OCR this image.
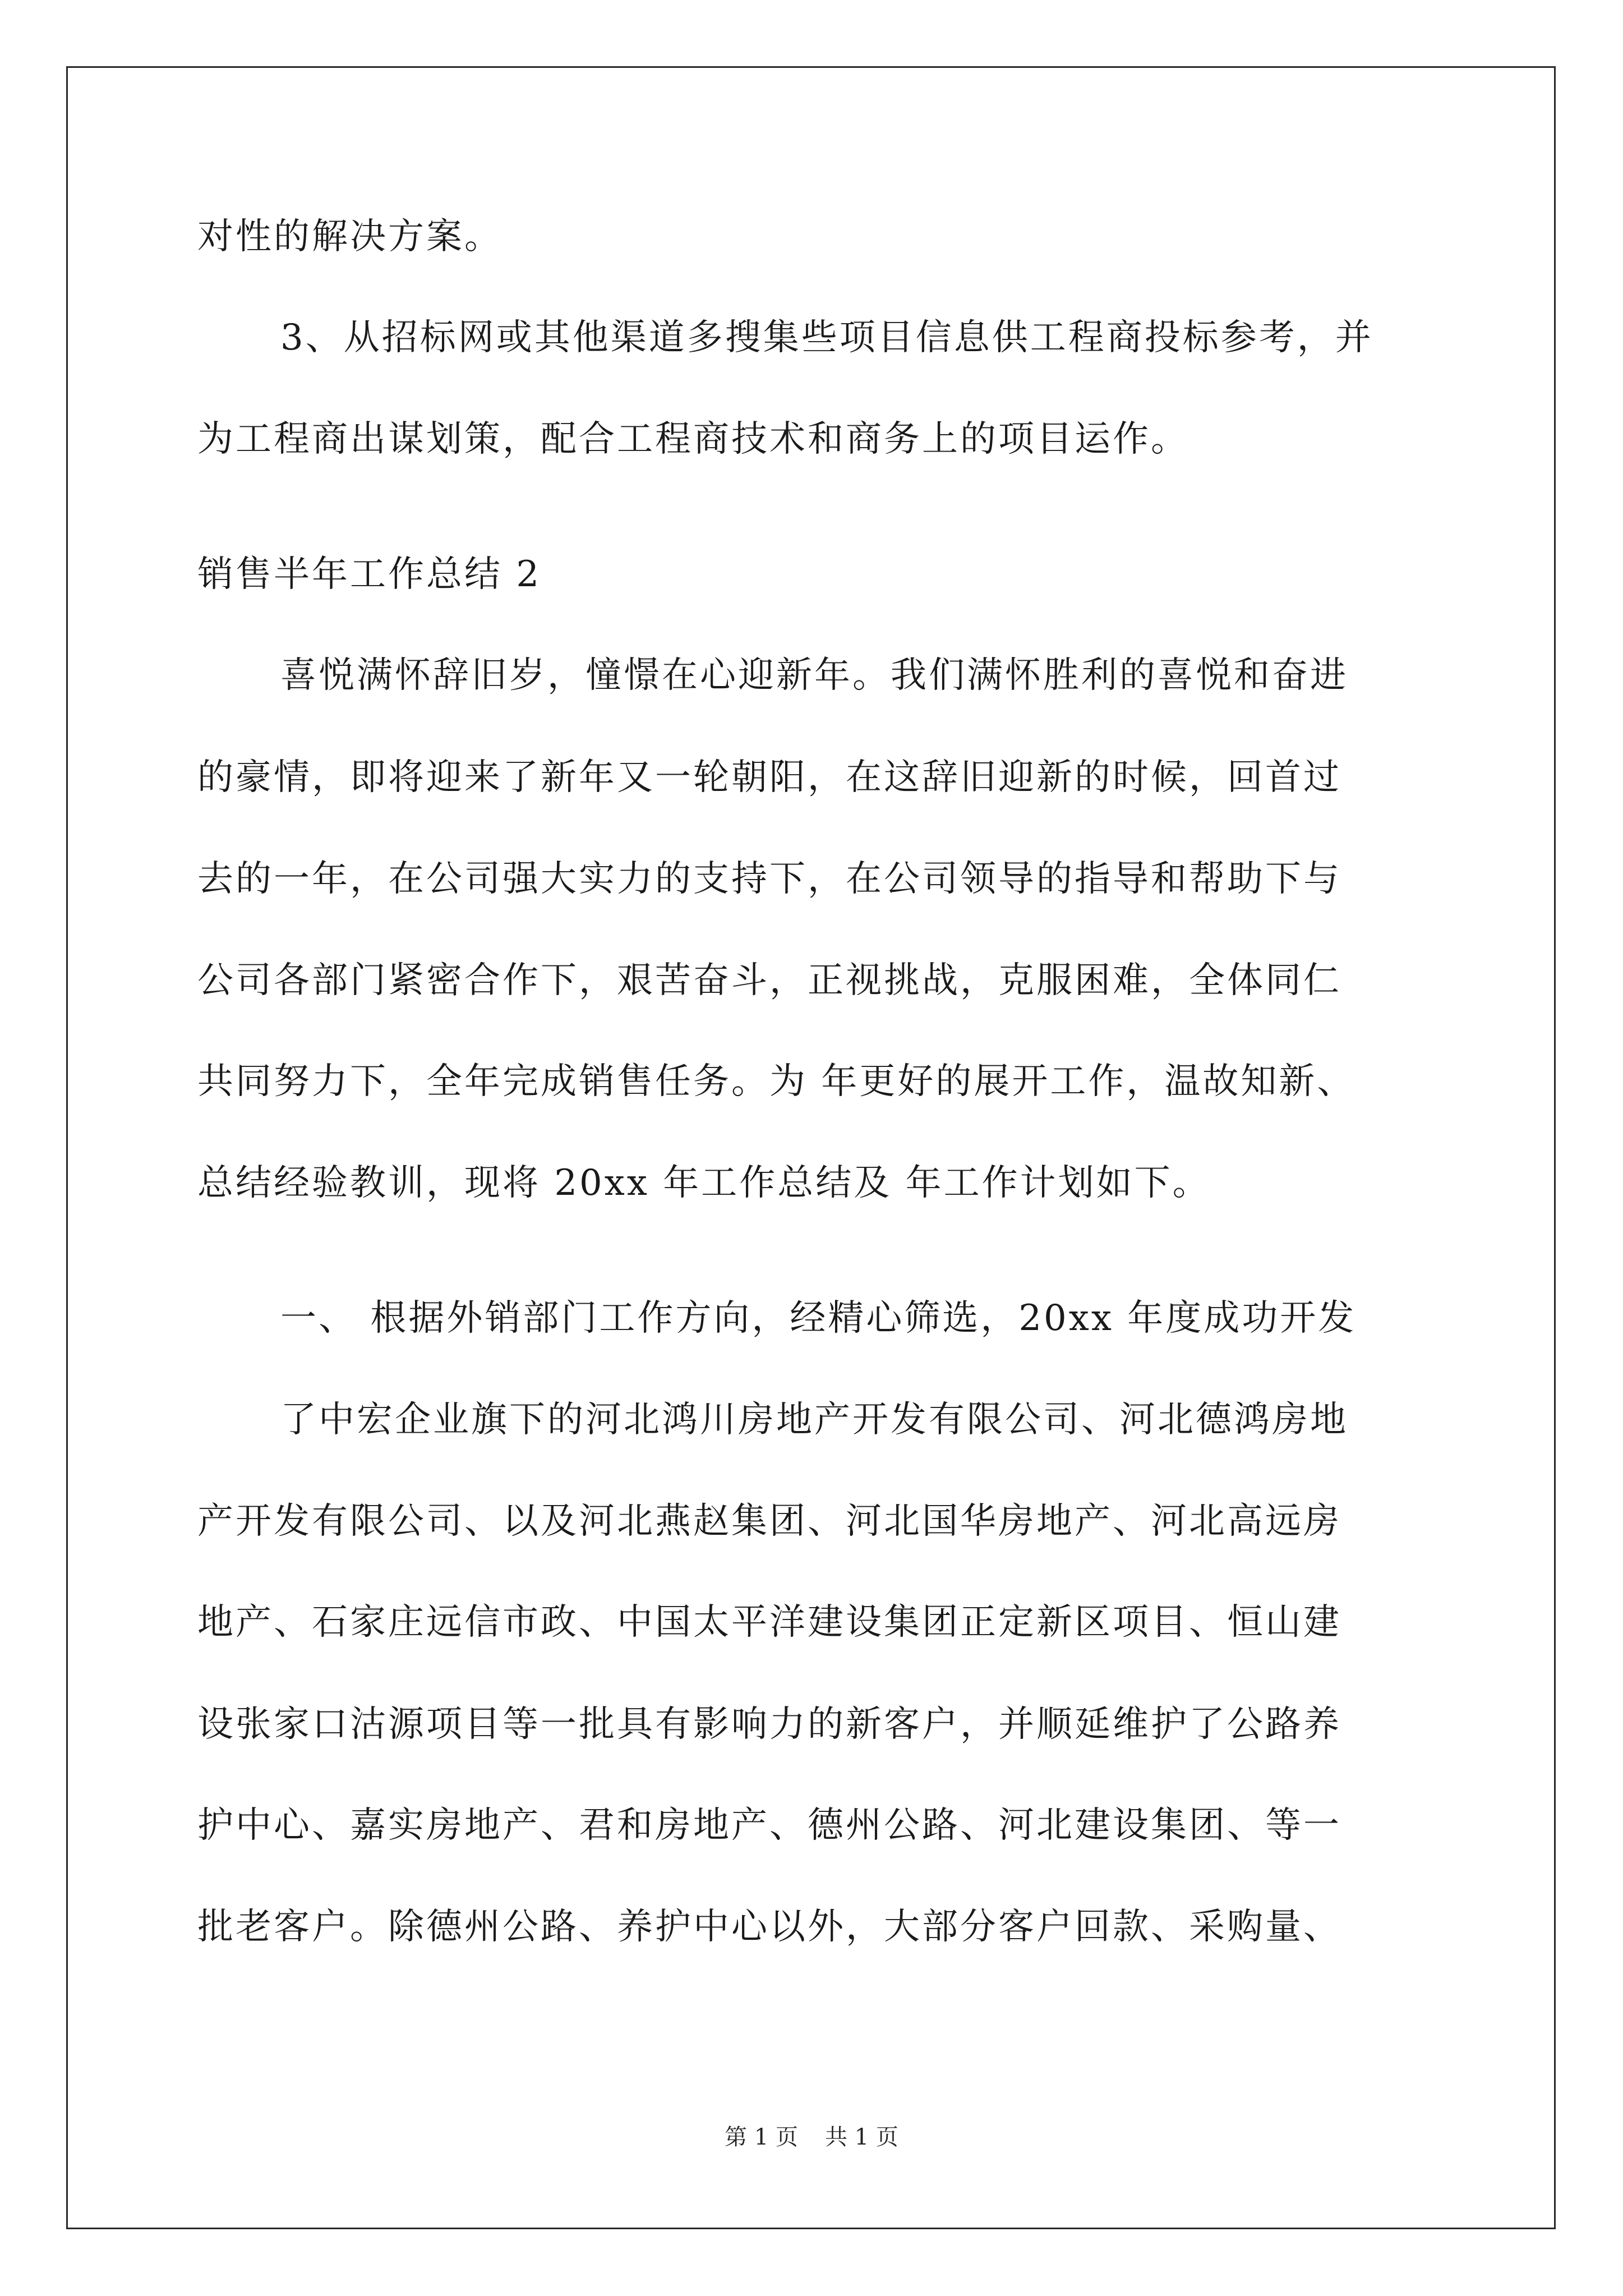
对性的解决方案。
3、从招标网或其他渠道多搜集些项目信息供工程商投标参考，并
为工程商出谋划策，配合工程商技术和商务上的项目运作。
销售半年工作总结 2
喜悦满怀辞旧岁，憧憬在心迎新年。我们满怀胜利的喜悦和奋进
的豪情，即将迎来了新年又一轮朝阳，在这辞旧迎新的时候，回首过
去的一年，在公司强大实力的支持下，在公司领导的指导和帮助下与
公司各部门紧密合作下，艰苦奋斗，正视挑战，克服困难，全体同仁
共同努力下，全年完成销售任务。为 年更好的展开工作，温故知新、
总结经验教训，现将 20xx 年工作总结及 年工作计划如下。
一、 根据外销部门工作方向，经精心筛选，20xx 年度成功开发
了中宏企业旗下的河北鸿川房地产开发有限公司、河北德鸿房地
产开发有限公司、以及河北燕赵集团、河北国华房地产、河北高远房
地产、石家庄远信市政、中国太平洋建设集团正定新区项目、恒山建
设张家口沽源项目等一批具有影响力的新客户，并顺延维护了公路养
护中心、嘉实房地产、君和房地产、德州公路、河北建设集团、等一
批老客户。除德州公路、养护中心以外，大部分客户回款、采购量、
第 1 页 共 1 页
